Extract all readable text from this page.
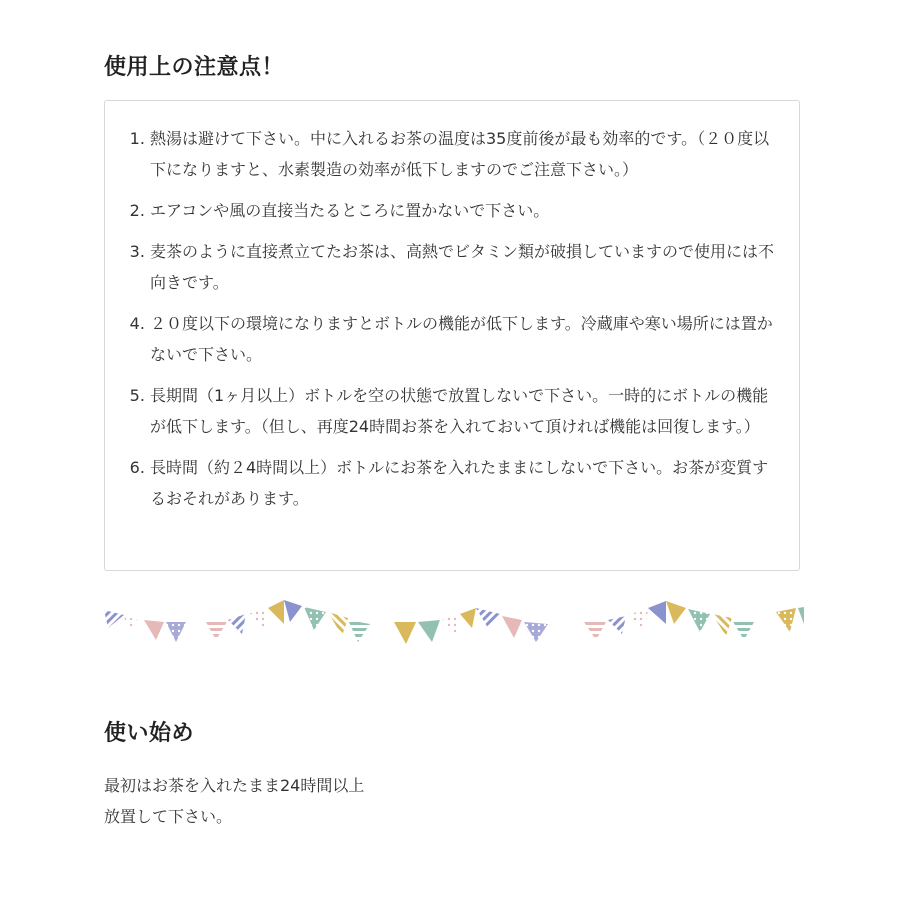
使用上の注意点！
1. 熱湯は避けて下さい。中に入れるお茶の温度は35度前後が最も効率的です。（２０度以下になりますと、水素製造の効率が低下しますのでご注意下さい。）
2. エアコンや風の直接当たるところに置かないで下さい。
3. 麦茶のように直接煮立てたお茶は、高熱でビタミン類が破損していますので使用には不向きです。
4. ２０度以下の環境になりますとボトルの機能が低下します。冷蔵庫や寒い場所には置かないで下さい。
5. 長期間（1ヶ月以上）ボトルを空の状態で放置しないで下さい。一時的にボトルの機能が低下します。（但し、再度24時間お茶を入れておいて頂ければ機能は回復します。）
6. 長時間（約２4時間以上）ボトルにお茶を入れたままにしないで下さい。お茶が変質するおそれがあります。
使い始め

最初はお茶を入れたまま24時間以上
放置して下さい。
